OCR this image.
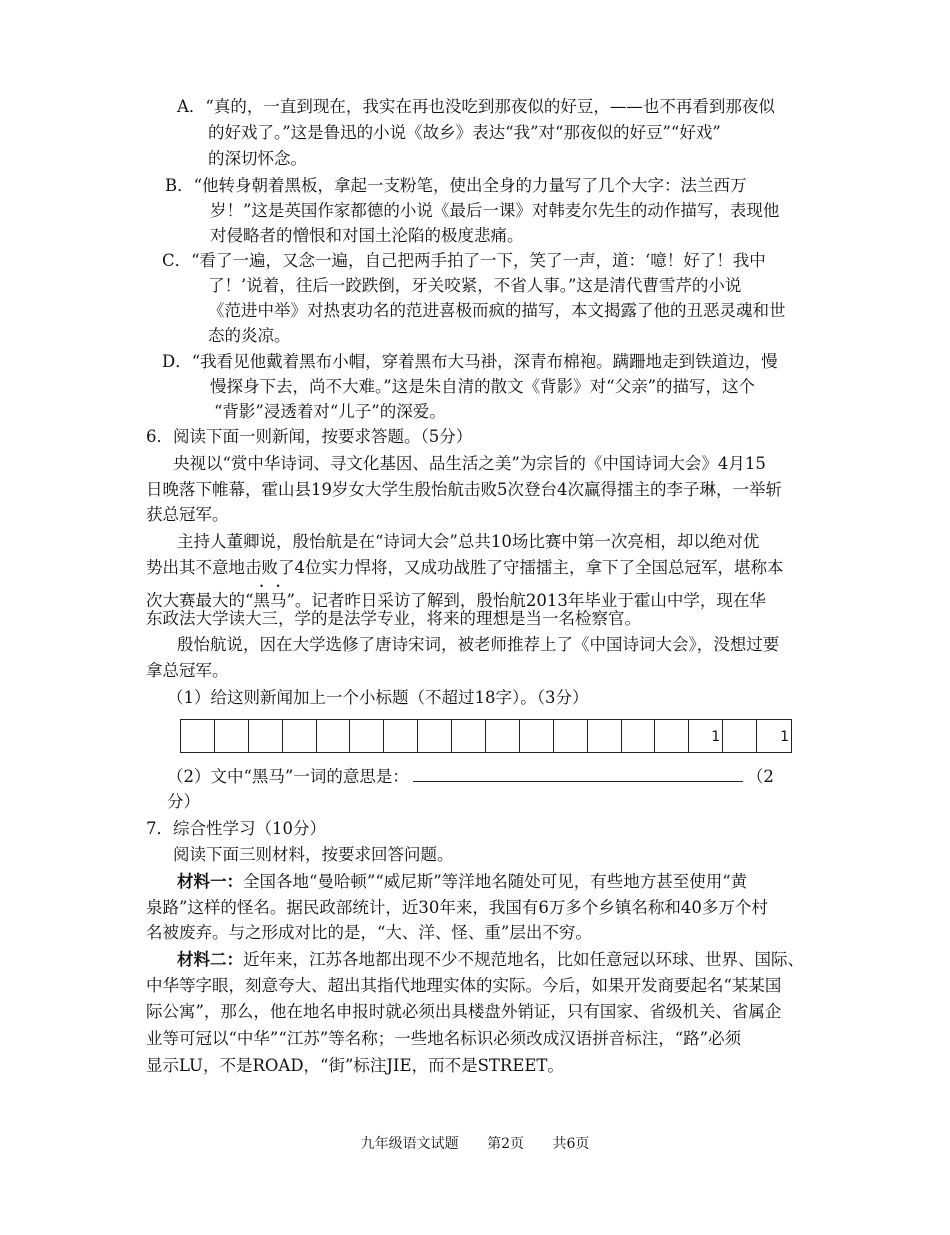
A．“真的，一直到现在，我实在再也没吃到那夜似的好豆，——也不再看到那夜似
的好戏了。”这是鲁迅的小说《故乡》表达“我”对“那夜似的好豆”“好戏”
的深切怀念。
B．“他转身朝着黑板，拿起一支粉笔，使出全身的力量写了几个大字：法兰西万
岁！”这是英国作家都德的小说《最后一课》对韩麦尔先生的动作描写，表现他
对侵略者的憎恨和对国土沦陷的极度悲痛。
C．“看了一遍，又念一遍，自己把两手拍了一下，笑了一声，道：‘噫！好了！我中
了！’说着，往后一跤跌倒，牙关咬紧，不省人事。”这是清代曹雪芹的小说
《范进中举》对热衷功名的范进喜极而疯的描写，本文揭露了他的丑恶灵魂和世
态的炎凉。
D．“我看见他戴着黑布小帽，穿着黑布大马褂，深青布棉袍。蹒跚地走到铁道边，慢
慢探身下去，尚不大难。”这是朱自清的散文《背影》对“父亲”的描写，这个
“背影”浸透着对“儿子”的深爱。
6．阅读下面一则新闻，按要求答题。（5分）
央视以“赏中华诗词、寻文化基因、品生活之美”为宗旨的《中国诗词大会》4月15
日晚落下帷幕，霍山县19岁女大学生殷怡航击败5次登台4次赢得擂主的李子琳，一举斩
获总冠军。
主持人董卿说，殷怡航是在“诗词大会”总共10场比赛中第一次亮相，却以绝对优
势出其不意地击败了4位实力悍将，又成功战胜了守擂擂主，拿下了全国总冠军，堪称本
次大赛最大的“黑马”。记者昨日采访了解到，殷怡航2013年毕业于霍山中学，现在华
东政法大学读大三，学的是法学专业，将来的理想是当一名检察官。
殷怡航说，因在大学选修了唐诗宋词，被老师推荐上了《中国诗词大会》，没想过要
拿总冠军。
（1）给这则新闻加上一个小标题（不超过18字）。（3分）
1	1
（2）文中“黑马”一词的意思是：	（2
分）
7．综合性学习（10分）
阅读下面三则材料，按要求回答问题。
材料一：全国各地“曼哈顿”“威尼斯”等洋地名随处可见，有些地方甚至使用“黄
泉路”这样的怪名。据民政部统计，近30年来，我国有6万多个乡镇名称和40多万个村
名被废弃。与之形成对比的是，“大、洋、怪、重”层出不穷。
材料二：近年来，江苏各地都出现不少不规范地名，比如任意冠以环球、世界、国际、
中华等字眼，刻意夸大、超出其指代地理实体的实际。今后，如果开发商要起名“某某国
际公寓”，那么，他在地名申报时就必须出具楼盘外销证，只有国家、省级机关、省属企
业等可冠以“中华”“江苏”等名称；一些地名标识必须改成汉语拼音标注，“路”必须
显示LU，不是ROAD，“街”标注JIE，而不是STREET。
九年级语文试题 第2页 共6页
